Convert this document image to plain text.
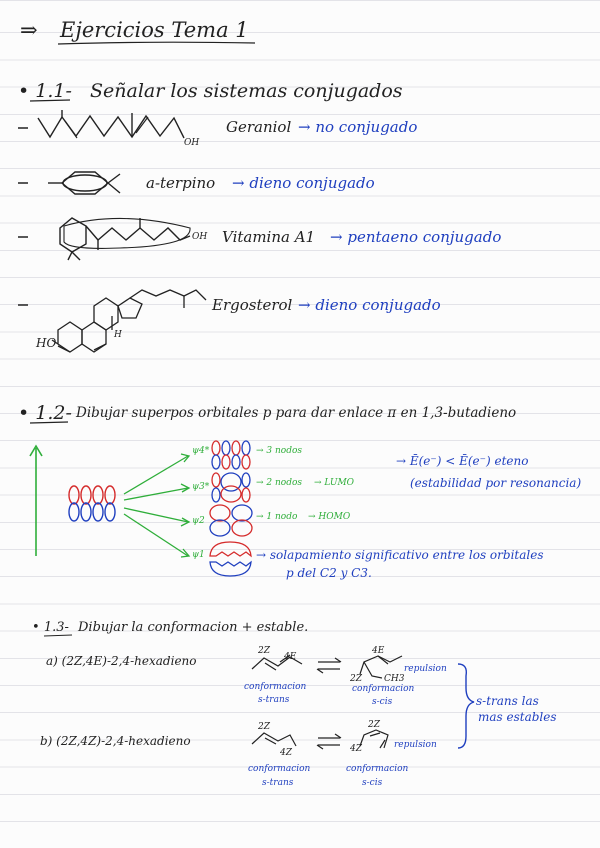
⇒ Ejercicios Tema 1
• 1.1- Señalar los sistemas conjugados
OH
Geraniol → no conjugado
a-terpino → dieno conjugado
OH Vitamina A1 → pentaeno conjugado
HO
H
Ergosterol → dieno conjugado
• 1.2- Dibujar superpos orbitales p para dar enlace π en 1,3-butadieno
ψ4*	→ 3 nodos
ψ3*	→ 2 nodos → LUMO
ψ2	→ 1 nodo → HOMO
ψ1
→ Ē(e⁻) < Ē(e⁻) eteno
(estabilidad por resonancia)
→ solapamiento significativo entre los orbitales
p del C2 y C3.
• 1.3- Dibujar la conformacion + estable.
a) (2Z,4E)-2,4-hexadieno
2Z
4E
conformacion
s-trans
4E
repulsion
2Z CH3
conformacion
s-cis
b) (2Z,4Z)-2,4-hexadieno
2Z
4Z
conformacion
s-trans
2Z
repulsion
4Z
conformacion
s-cis
s-trans las
mas estables
